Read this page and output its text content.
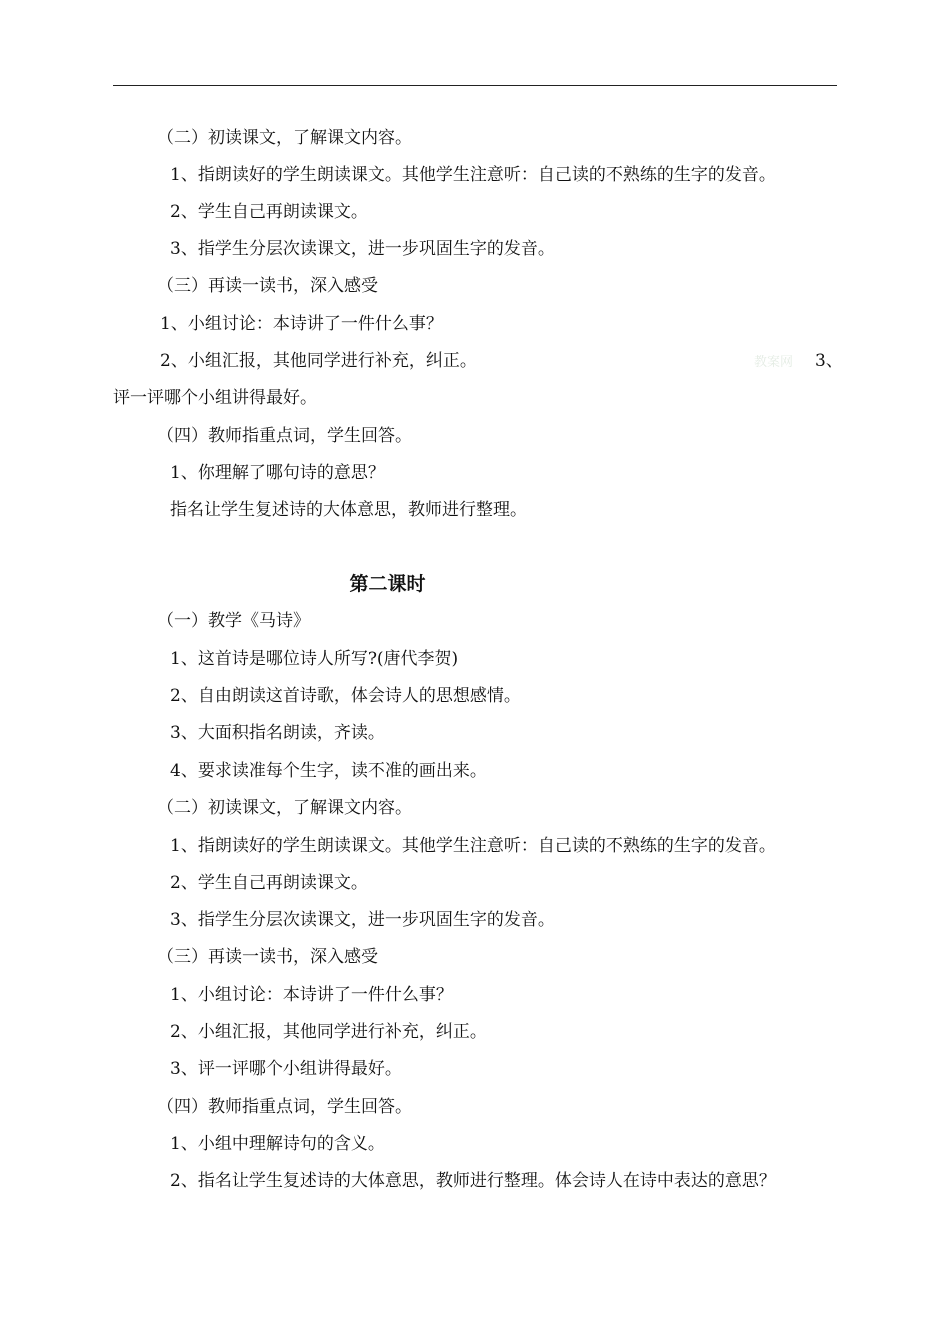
（二）初读课文，了解课文内容。
1、指朗读好的学生朗读课文。其他学生注意听：自己读的不熟练的生字的发音。
2、学生自己再朗读课文。
3、指学生分层次读课文，进一步巩固生字的发音。
（三）再读一读书，深入感受
1、小组讨论：本诗讲了一件什么事？
2、小组汇报，其他同学进行补充，纠正。	教案网 3、
评一评哪个小组讲得最好。
（四）教师指重点词，学生回答。
1、你理解了哪句诗的意思？
指名让学生复述诗的大体意思，教师进行整理。
第二课时
（一）教学《马诗》
1、这首诗是哪位诗人所写?(唐代李贺)
2、自由朗读这首诗歌，体会诗人的思想感情。
3、大面积指名朗读，齐读。
4、要求读准每个生字，读不准的画出来。
（二）初读课文，了解课文内容。
1、指朗读好的学生朗读课文。其他学生注意听：自己读的不熟练的生字的发音。
2、学生自己再朗读课文。
3、指学生分层次读课文，进一步巩固生字的发音。
（三）再读一读书，深入感受
1、小组讨论：本诗讲了一件什么事？
2、小组汇报，其他同学进行补充，纠正。
3、评一评哪个小组讲得最好。
（四）教师指重点词，学生回答。
1、小组中理解诗句的含义。
2、指名让学生复述诗的大体意思，教师进行整理。体会诗人在诗中表达的意思？
